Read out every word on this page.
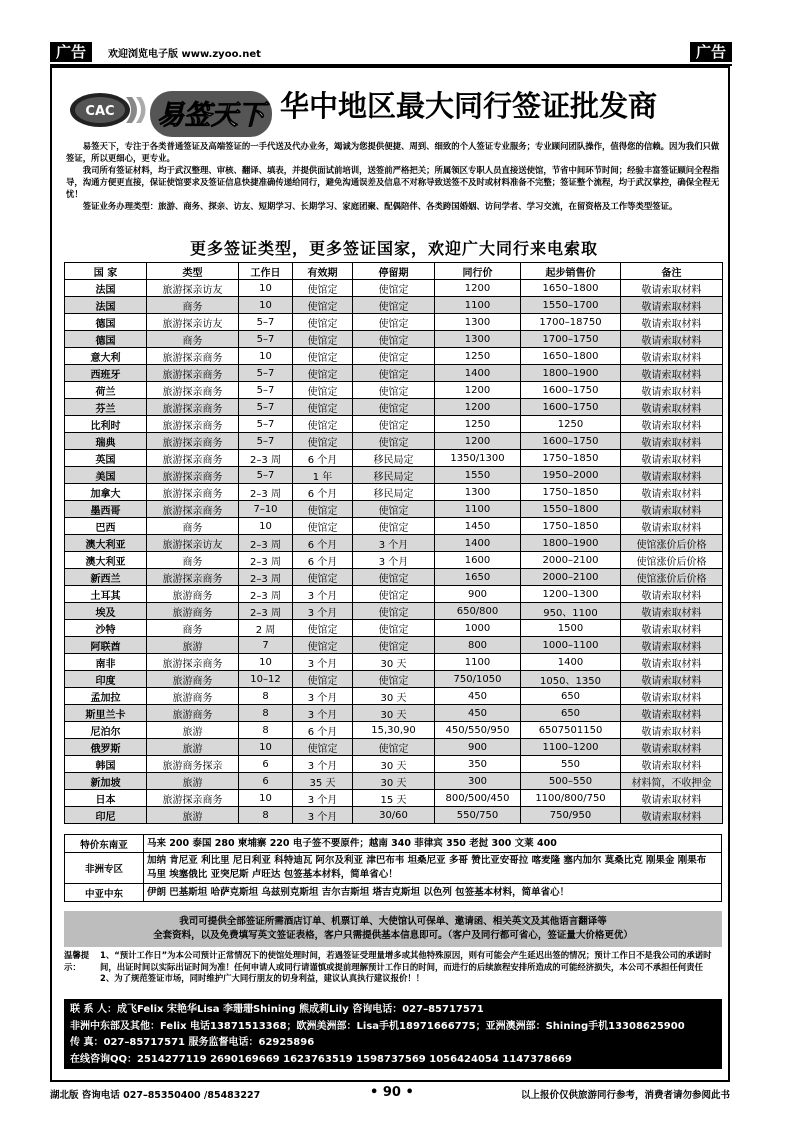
广告	欢迎浏览电子版 www.zyoo.net	广告
CAC 易签天下 华中地区最大同行签证批发商

易签天下，专注于各类普通签证及高端签证的一手代送及代办业务，竭诚为您提供便捷、周到、细致的个人签证专业服务；专业顾问团队操作，值得您的信赖。因为我们只做签证，所以更细心，更专业。

我司所有签证材料，均于武汉整理、审核、翻译、填表，并提供面试前培训，送签前严格把关；所属领区专职人员直接送使馆，节省中间环节时间；经验丰富签证顾问全程指导，沟通方便更直接，保证使馆要求及签证信息快捷准确传递给同行，避免沟通误差及信息不对称导致送签不及时或材料准备不完整；签证整个流程，均于武汉掌控，确保全程无忧！

签证业务办理类型：旅游、商务、探亲、访友、短期学习、长期学习、家庭团聚、配偶陪伴、各类跨国婚姻、访问学者、学习交流，在留资格及工作等类型签证。

更多签证类型，更多签证国家，欢迎广大同行来电索取
国 家	类型	工作日	有效期	停留期	同行价	起步销售价	备注
法国	旅游探亲访友	10	使馆定	使馆定	1200	1650–1800	敬请索取材料
法国	商务	10	使馆定	使馆定	1100	1550–1700	敬请索取材料
德国	旅游探亲访友	5–7	使馆定	使馆定	1300	1700–18750	敬请索取材料
德国	商务	5–7	使馆定	使馆定	1300	1700–1750	敬请索取材料
意大利	旅游探亲商务	10	使馆定	使馆定	1250	1650–1800	敬请索取材料
西班牙	旅游探亲商务	5–7	使馆定	使馆定	1400	1800–1900	敬请索取材料
荷兰	旅游探亲商务	5–7	使馆定	使馆定	1200	1600–1750	敬请索取材料
芬兰	旅游探亲商务	5–7	使馆定	使馆定	1200	1600–1750	敬请索取材料
比利时	旅游探亲商务	5–7	使馆定	使馆定	1250	1250	敬请索取材料
瑞典	旅游探亲商务	5–7	使馆定	使馆定	1200	1600–1750	敬请索取材料
英国	旅游探亲商务	2–3 周	6 个月	移民局定	1350/1300	1750–1850	敬请索取材料
美国	旅游探亲商务	5–7	1 年	移民局定	1550	1950–2000	敬请索取材料
加拿大	旅游探亲商务	2–3 周	6 个月	移民局定	1300	1750–1850	敬请索取材料
墨西哥	旅游探亲商务	7–10	使馆定	使馆定	1100	1550–1800	敬请索取材料
巴西	商务	10	使馆定	使馆定	1450	1750–1850	敬请索取材料
澳大利亚	旅游探亲访友	2–3 周	6 个月	3 个月	1400	1800–1900	使馆涨价后价格
澳大利亚	商务	2–3 周	6 个月	3 个月	1600	2000–2100	使馆涨价后价格
新西兰	旅游探亲商务	2–3 周	使馆定	使馆定	1650	2000–2100	使馆涨价后价格
土耳其	旅游商务	2–3 周	3 个月	使馆定	900	1200–1300	敬请索取材料
埃及	旅游商务	2–3 周	3 个月	使馆定	650/800	950、1100	敬请索取材料
沙特	商务	2 周	使馆定	使馆定	1000	1500	敬请索取材料
阿联酋	旅游	7	使馆定	使馆定	800	1000–1100	敬请索取材料
南非	旅游探亲商务	10	3 个月	30 天	1100	1400	敬请索取材料
印度	旅游商务	10–12	使馆定	使馆定	750/1050	1050、1350	敬请索取材料
孟加拉	旅游商务	8	3 个月	30 天	450	650	敬请索取材料
斯里兰卡	旅游商务	8	3 个月	30 天	450	650	敬请索取材料
尼泊尔	旅游	8	6 个月	15,30,90	450/550/950	6507501150	敬请索取材料
俄罗斯	旅游	10	使馆定	使馆定	900	1100–1200	敬请索取材料
韩国	旅游商务探亲	6	3 个月	30 天	350	550	敬请索取材料
新加坡	旅游	6	35 天	30 天	300	500–550	材料简，不收押金
日本	旅游探亲商务	10	3 个月	15 天	800/500/450	1100/800/750	敬请索取材料
印尼	旅游	8	3 个月	30/60	550/750	750/950	敬请索取材料
特价东南亚	马来 200 泰国 280 柬埔寨 220 电子签不要原件；越南 340 菲律宾 350 老挝 300 文莱 400
非洲专区	加纳 肯尼亚 利比里 尼日利亚 科特迪瓦 阿尔及利亚 津巴布韦 坦桑尼亚 多哥 赞比亚安哥拉 喀麦隆 塞内加尔 莫桑比克 刚果金 刚果布 马里 埃塞俄比 亚突尼斯 卢旺达 包签基本材料，简单省心！
中亚中东	伊朗 巴基斯坦 哈萨克斯坦 乌兹别克斯坦 吉尔吉斯坦 塔吉克斯坦 以色列 包签基本材料，简单省心！
我司可提供全部签证所需酒店订单、机票订单、大使馆认可保单、邀请函、相关英文及其他语言翻译等
全套资料，以及免费填写英文签证表格，客户只需提供基本信息即可。（客户及同行都可省心，签证量大价格更优）
温馨提示：
1、“预计工作日”为本公司预计正常情况下的使馆处理时间，若遇签证受理量增多或其他特殊原因，则有可能会产生延迟出签的情况；预计工作日不是我公司的承诺时间，出证时间以实际出证时间为准！任何申请人或同行请谨慎或提前理解预计工作日的时间，而进行的后续旅程安排所造成的可能经济损失，本公司不承担任何责任
2、为了规范签证市场，同时维护广大同行朋友的切身利益，建议认真执行建议报价！！
联 系 人：成飞Felix 宋艳华Lisa 李珊珊Shining 熊成莉Lily 咨询电话：027–85717571
非洲中东部及其他：Felix 电话13871513368；欧洲美洲部：Lisa手机18971666775；亚洲澳洲部：Shining手机13308625900
传 真：027–85717571 服务监督电话：62925896
在线咨询QQ：2514277119 2690169669 1623763519 1598737569 1056424054 1147378669
湖北版 咨询电话 027–85350400 /85483227	• 90 •	以上报价仅供旅游同行参考，消费者请勿参阅此书
